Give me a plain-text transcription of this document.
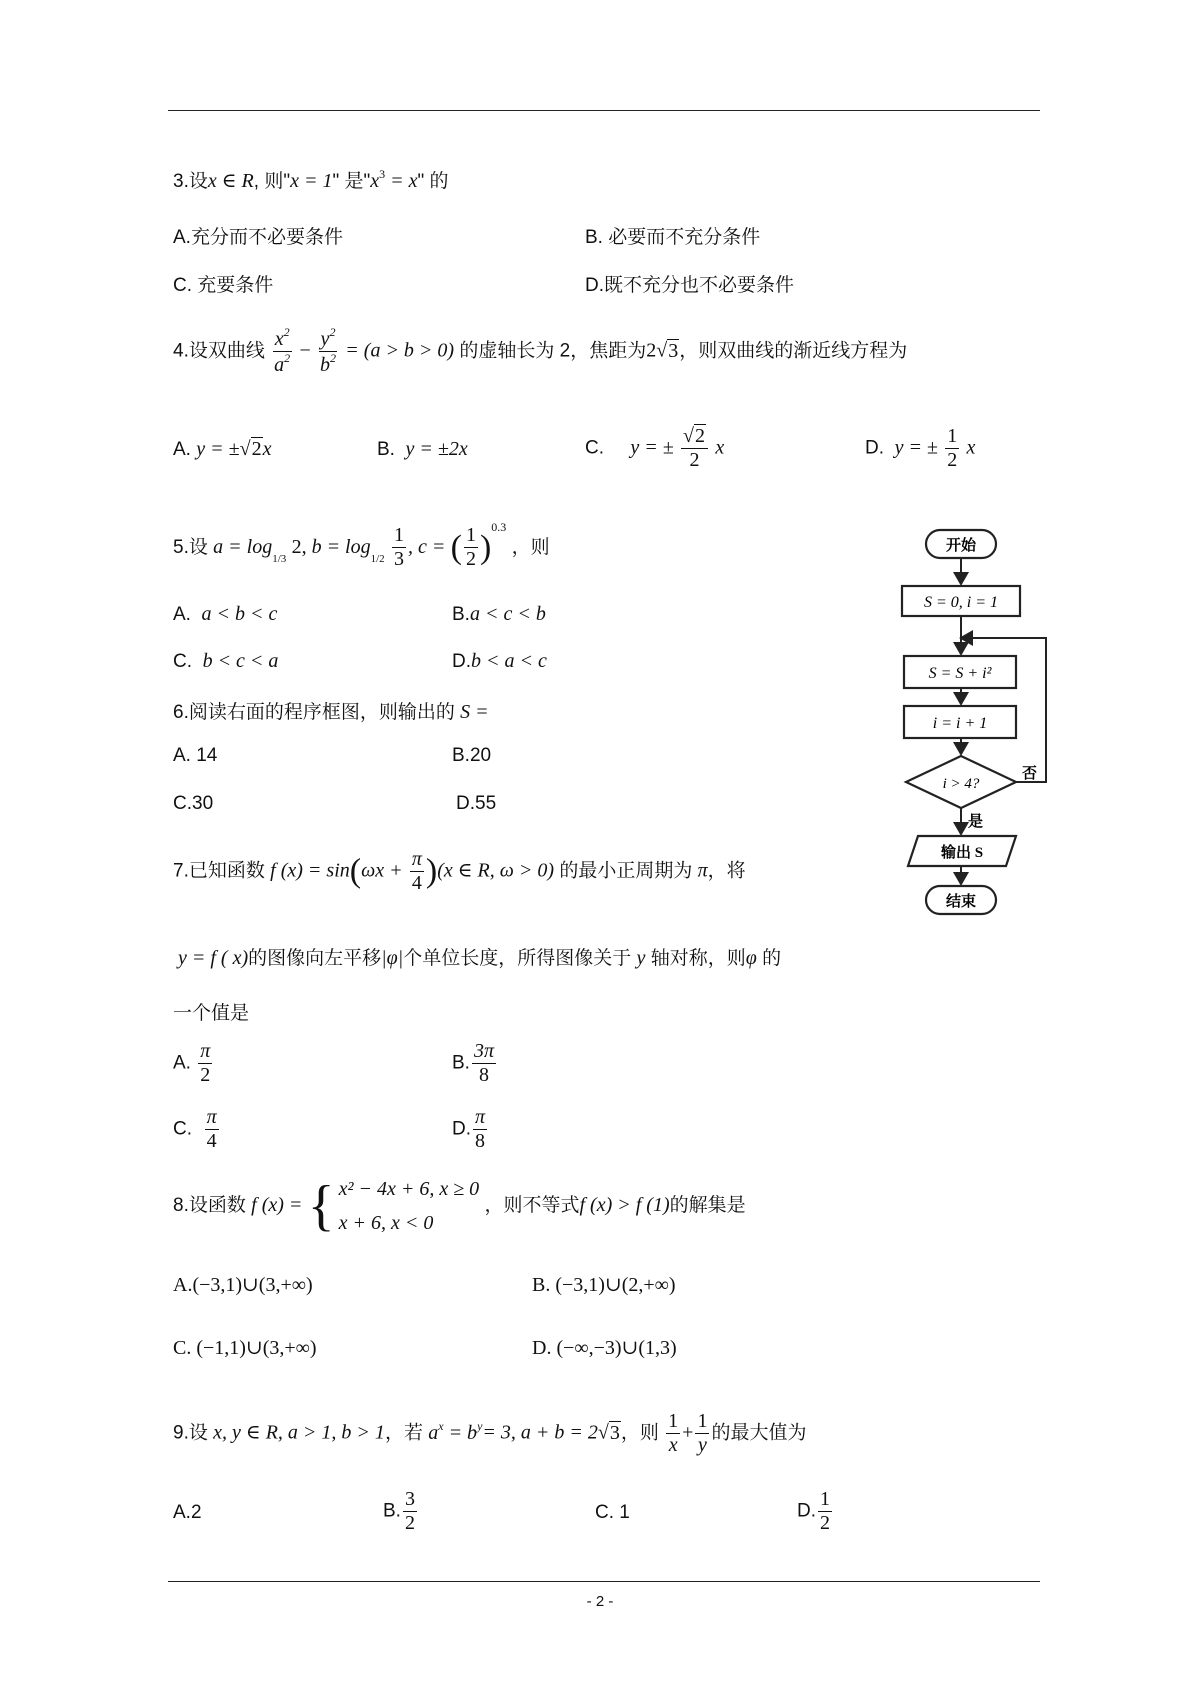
3.设x ∈ R, 则"x = 1" 是"$x^3 = x$" 的
A.充分而不必要条件	B. 必要而不充分条件
C. 充要条件	D.既不充分也不必要条件
4.设双曲线 $\frac{x^2}{a^2} - \frac{y^2}{b^2} = (a > b > 0)$ 的虚轴长为 2，焦距为2√3，则双曲线的渐近线方程为
A. y = ±√2x	B. y = ±2x	C. y = ± $\frac{√2}{2}$ x	D. y = ± $\frac{1}{2}$ x
5.设 $a = \log_{1/3} 2$, $b = \log_{1/2} \frac{1}{3}$ , c = ( $\frac{1}{2} )^{0.3}$ ，则
A. a < b < c	B.a < c < b
C. b < c < a	D.b < a < c
6.阅读右面的程序框图，则输出的 S =
A. 14	B.20
C.30	D.55
开始
S = 0, i = 1
S = S + i²
i = i + 1
i > 4?
否
是
输出 S
结束
7.已知函数 f $(x) = \sin(\omega x + \frac{\pi}{4} )(x$ ∈ R, ω > 0) 的最小正周期为 π，将
y = f ( x)的图像向左平移|φ|个单位长度，所得图像关于 y 轴对称，则φ 的
一个值是
A. $\frac{\pi}{2}$	B. $\frac{3\pi}{8}$
C. $\frac{\pi}{4}$	D. $\frac{\pi}{8}$
8.设函数 f (x) = { x² − 4x + 6, x ≥ 0
x + 6, x < 0
，则不等式f (x) > f (1)的解集是
A.(−3,1)∪(3,+∞)	B. (−3,1)∪(2,+∞)
C. (−1,1)∪(3,+∞)	D. (−∞,−3)∪(1,3)
9.设 x, y ∈ R, a > 1, b > 1，若 $a^x = b^y= 3$, a + b = 2√3，则 $\frac{1}{x} + \frac{1}{y}$ 的最大值为
A.2	B. $\frac{3}{2}$	C. 1	D. $\frac{1}{2}$
- 2 -
